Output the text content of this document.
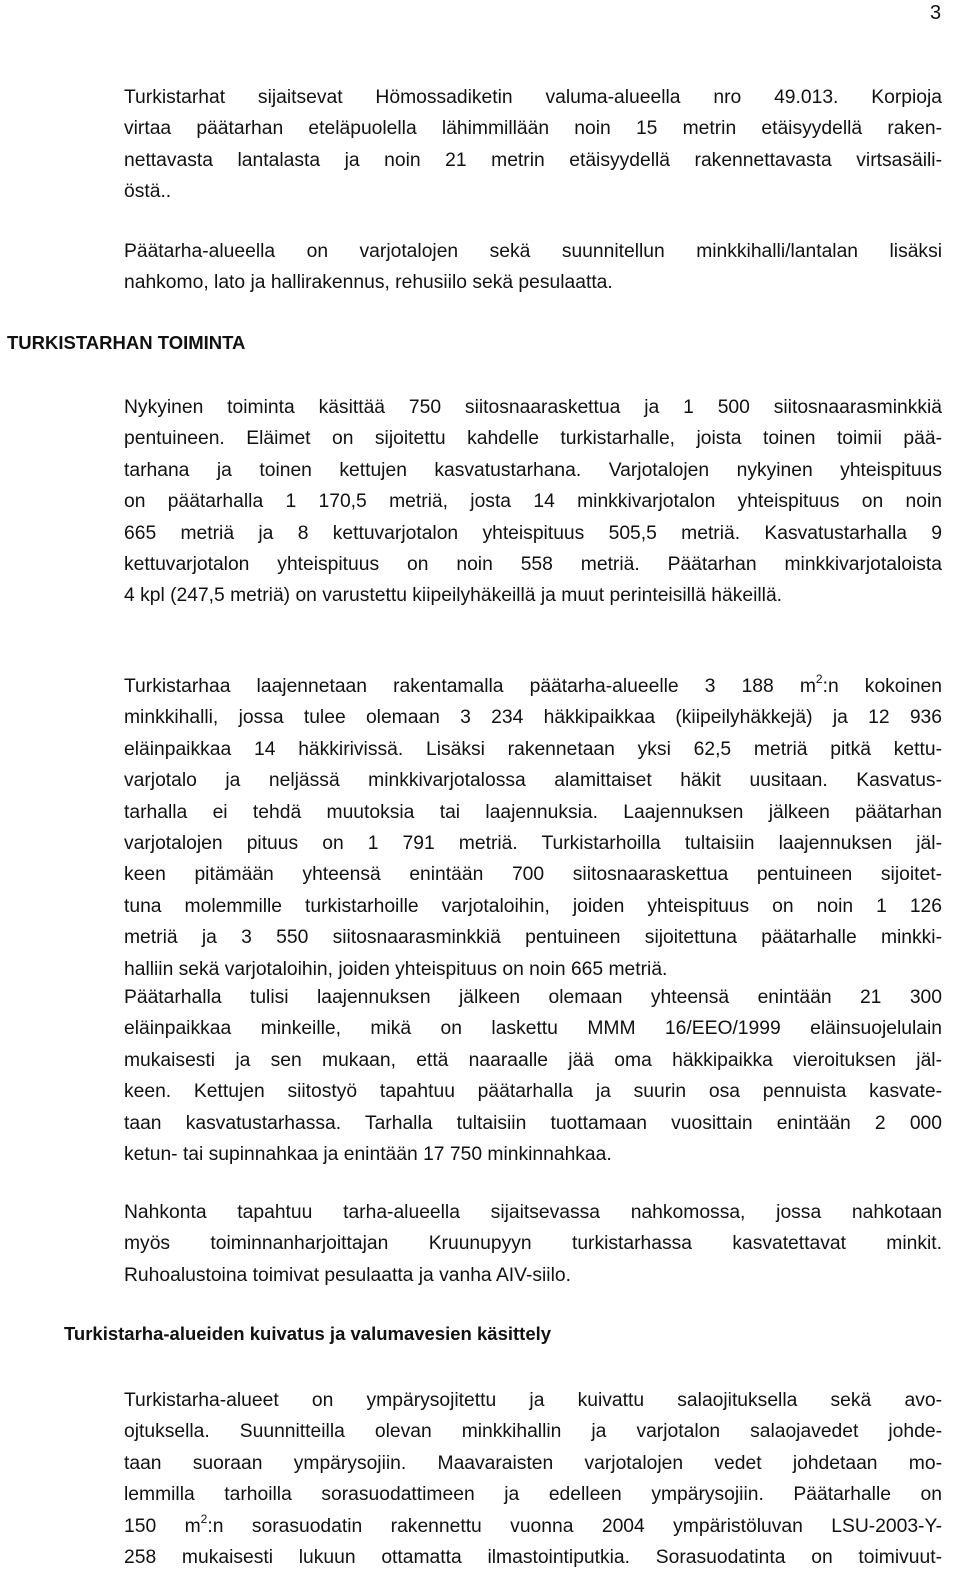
3

Turkistarhat sijaitsevat Hömossadiketin valuma-alueella nro 49.013. Korpioja
virtaa päätarhan eteläpuolella lähimmillään noin 15 metrin etäisyydellä raken-
nettavasta lantalasta ja noin 21 metrin etäisyydellä rakennettavasta virtsasäili-
östä..

Päätarha-alueella on varjotalojen sekä suunnitellun minkkihalli/lantalan lisäksi
nahkomo, lato ja hallirakennus, rehusiilo sekä pesulaatta.

TURKISTARHAN TOIMINTA

Nykyinen toiminta käsittää 750 siitosnaaraskettua ja 1 500 siitosnaarasminkkiä
pentuineen. Eläimet on sijoitettu kahdelle turkistarhalle, joista toinen toimii pää-
tarhana ja toinen kettujen kasvatustarhana. Varjotalojen nykyinen yhteispituus
on päätarhalla 1 170,5 metriä, josta 14 minkkivarjotalon yhteispituus on noin
665 metriä ja 8 kettuvarjotalon yhteispituus 505,5 metriä. Kasvatustarhalla 9
kettuvarjotalon yhteispituus on noin 558 metriä. Päätarhan minkkivarjotaloista
4 kpl (247,5 metriä) on varustettu kiipeilyhäkeillä ja muut perinteisillä häkeillä.

Turkistarhaa laajennetaan rakentamalla päätarha-alueelle 3 188 $m^2:n$ kokoinen
minkkihalli, jossa tulee olemaan 3 234 häkkipaikkaa (kiipeilyhäkkejä) ja 12 936
eläinpaikkaa 14 häkkirivissä. Lisäksi rakennetaan yksi 62,5 metriä pitkä kettu-
varjotalo ja neljässä minkkivarjotalossa alamittaiset häkit uusitaan. Kasvatus-
tarhalla ei tehdä muutoksia tai laajennuksia. Laajennuksen jälkeen päätarhan
varjotalojen pituus on 1 791 metriä. Turkistarhoilla tultaisiin laajennuksen jäl-
keen pitämään yhteensä enintään 700 siitosnaaraskettua pentuineen sijoitet-
tuna molemmille turkistarhoille varjotaloihin, joiden yhteispituus on noin 1 126
metriä ja 3 550 siitosnaarasminkkiä pentuineen sijoitettuna päätarhalle minkki-
halliin sekä varjotaloihin, joiden yhteispituus on noin 665 metriä.

Päätarhalla tulisi laajennuksen jälkeen olemaan yhteensä enintään 21 300
eläinpaikkaa minkeille, mikä on laskettu MMM 16/EEO/1999 eläinsuojelulain
mukaisesti ja sen mukaan, että naaraalle jää oma häkkipaikka vieroituksen jäl-
keen. Kettujen siitostyö tapahtuu päätarhalla ja suurin osa pennuista kasvate-
taan kasvatustarhassa. Tarhalla tultaisiin tuottamaan vuosittain enintään 2 000
ketun- tai supinnahkaa ja enintään 17 750 minkinnahkaa.

Nahkonta tapahtuu tarha-alueella sijaitsevassa nahkomossa, jossa nahkotaan
myös toiminnanharjoittajan Kruunupyyn turkistarhassa kasvatettavat minkit.
Ruhoalustoina toimivat pesulaatta ja vanha AIV-siilo.

Turkistarha-alueiden kuivatus ja valumavesien käsittely

Turkistarha-alueet on ympärysojitettu ja kuivattu salaojituksella sekä avo-
ojtuksella. Suunnitteilla olevan minkkihallin ja varjotalon salaojavedet johde-
taan suoraan ympärysojiin. Maavaraisten varjotalojen vedet johdetaan mo-
lemmilla tarhoilla sorasuodattimeen ja edelleen ympärysojiin. Päätarhalle on
150 $m^2:n$ sorasuodatin rakennettu vuonna 2004 ympäristöluvan LSU-2003-Y-
258 mukaisesti lukuun ottamatta ilmastointiputkia. Sorasuodatinta on toimivuut-
